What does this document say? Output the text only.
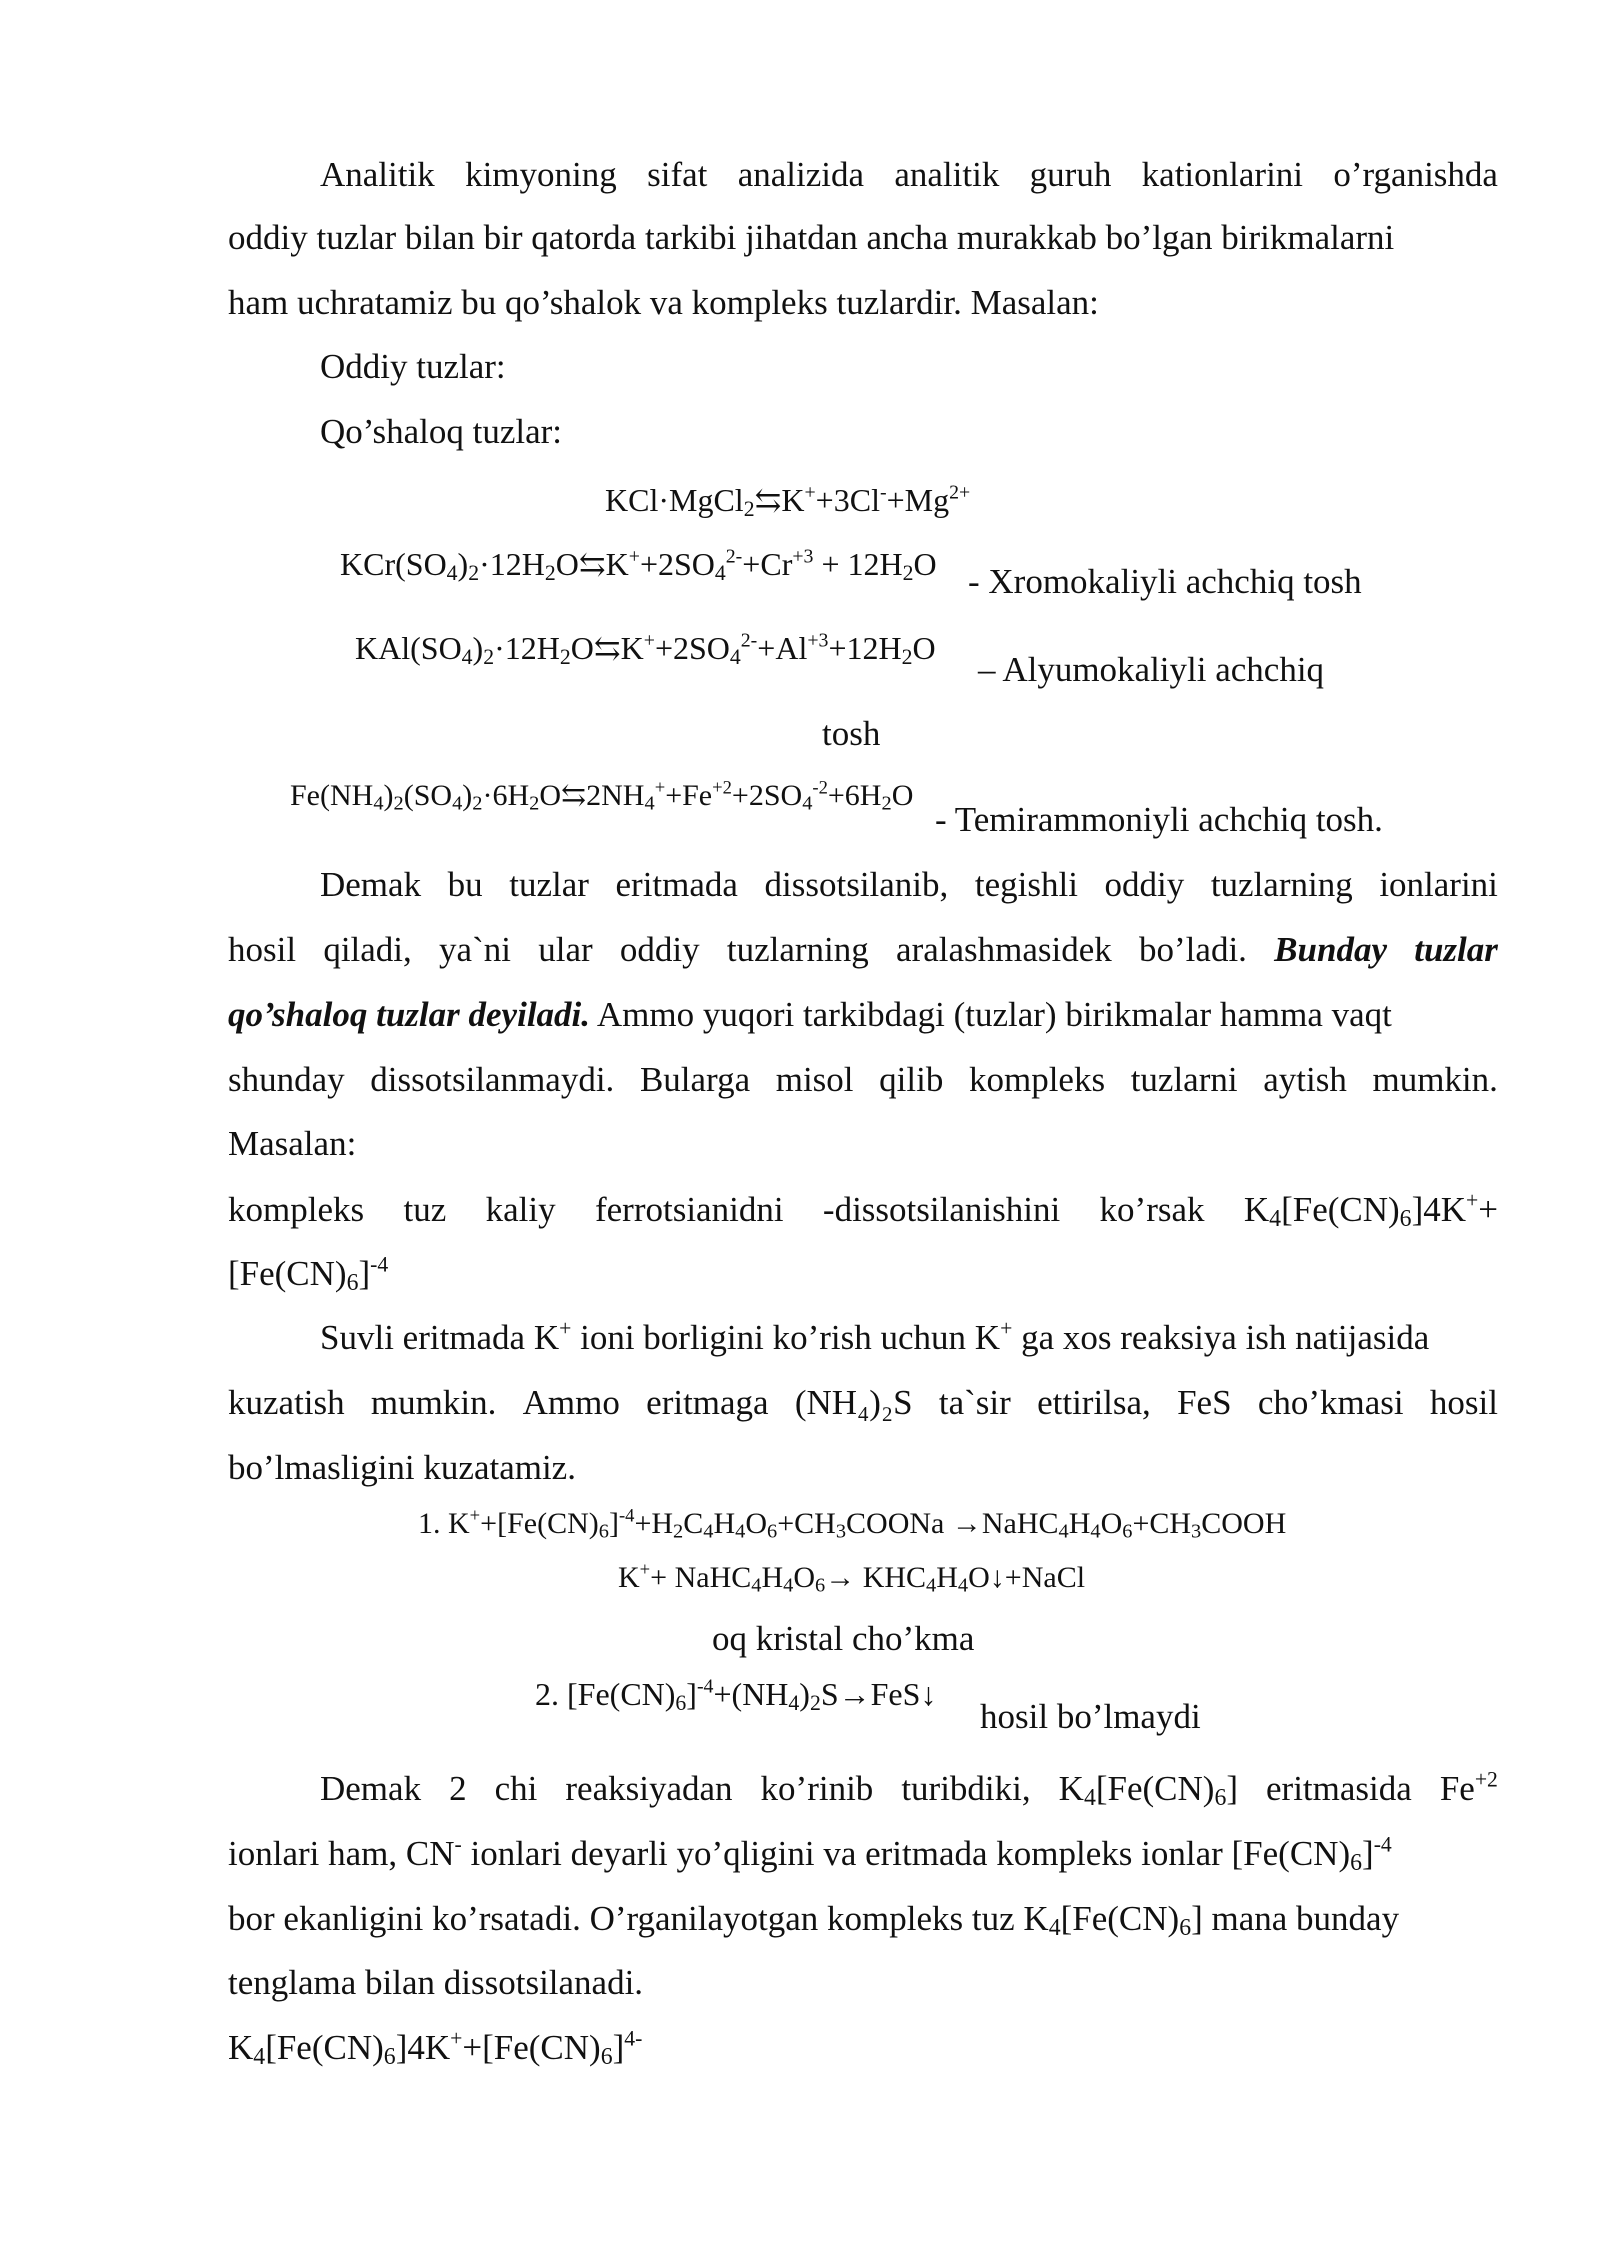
Analitik kimyoning sifat analizida analitik guruh kationlarini o’rganishda
oddiy tuzlar bilan bir qatorda tarkibi jihatdan ancha murakkab bo’lgan birikmalarni
ham uchratamiz bu qo’shalok va kompleks tuzlardir. Masalan:
Oddiy tuzlar:
Qo’shaloq tuzlar:
$KCl\cdot MgCl_2⇆K^++3Cl^-+Mg^{2+}$
$KCr(SO_4)_2\cdot 12H_2O⇆K^++2SO_4^{2-}+Cr^{+3} + 12H_2O$ - Xromokaliyli achchiq tosh
$KAl(SO_4)_2\cdot 12H_2O⇆K^++2SO_4^{2-}+Al^{+3}+12H_2O$
– Alyumokaliyli achchiq
tosh
$Fe(NH_4)_2(SO_4)_2\cdot 6H_2O⇆2NH_4^++Fe^{+2}+2SO_4^{-2}+6H_2O$
- Temirammoniyli achchiq tosh.
Demak bu tuzlar eritmada dissotsilanib, tegishli oddiy tuzlarning ionlarini
hosil qiladi, ya`ni ular oddiy tuzlarning aralashmasidek bo’ladi. Bunday tuzlar
qo’shaloq tuzlar deyiladi. Ammo yuqori tarkibdagi (tuzlar) birikmalar hamma vaqt
shunday dissotsilanmaydi. Bularga misol qilib kompleks tuzlarni aytish mumkin.
Masalan:
kompleks tuz kaliy ferrotsianidni -dissotsilanishini ko’rsak $K_4[Fe(CN)_6]4K^++$
$[Fe(CN)_6]^{-4}$
Suvli eritmada K+ ioni borligini ko’rish uchun K+ ga xos reaksiya ish natijasida
kuzatish mumkin. Ammo eritmaga (NH₄)₂S ta`sir ettirilsa, FeS cho’kmasi hosil
bo’lmasligini kuzatamiz.
1. $K^++[Fe(CN)_6]^{-4}+H_2C_4H_4O_6+CH_3COONa$ $\to NaHC_4H_4O_6+CH_3COOH$
$K^++ NaHC_4H_4O_6\to$ $KHC_4H_4O↓+NaCl$
oq kristal cho’kma
2. $[Fe(CN)_6]^{-4}+(NH_4)_2S\to FeS↓$
hosil bo’lmaydi
Demak 2 chi reaksiyadan ko’rinib turibdiki, $K_4[Fe(CN)_6]$ eritmasida $Fe^{+2}$
ionlari ham, CN- ionlari deyarli yo’qligini va eritmada kompleks ionlar $[Fe(CN)_6]^{-4}$
bor ekanligini ko’rsatadi. O’rganilayotgan kompleks tuz $K_4[Fe(CN)_6]$ mana bunday
tenglama bilan dissotsilanadi.
$K_4[Fe(CN)_6]4K^++[Fe(CN)_6]^{4-}$
